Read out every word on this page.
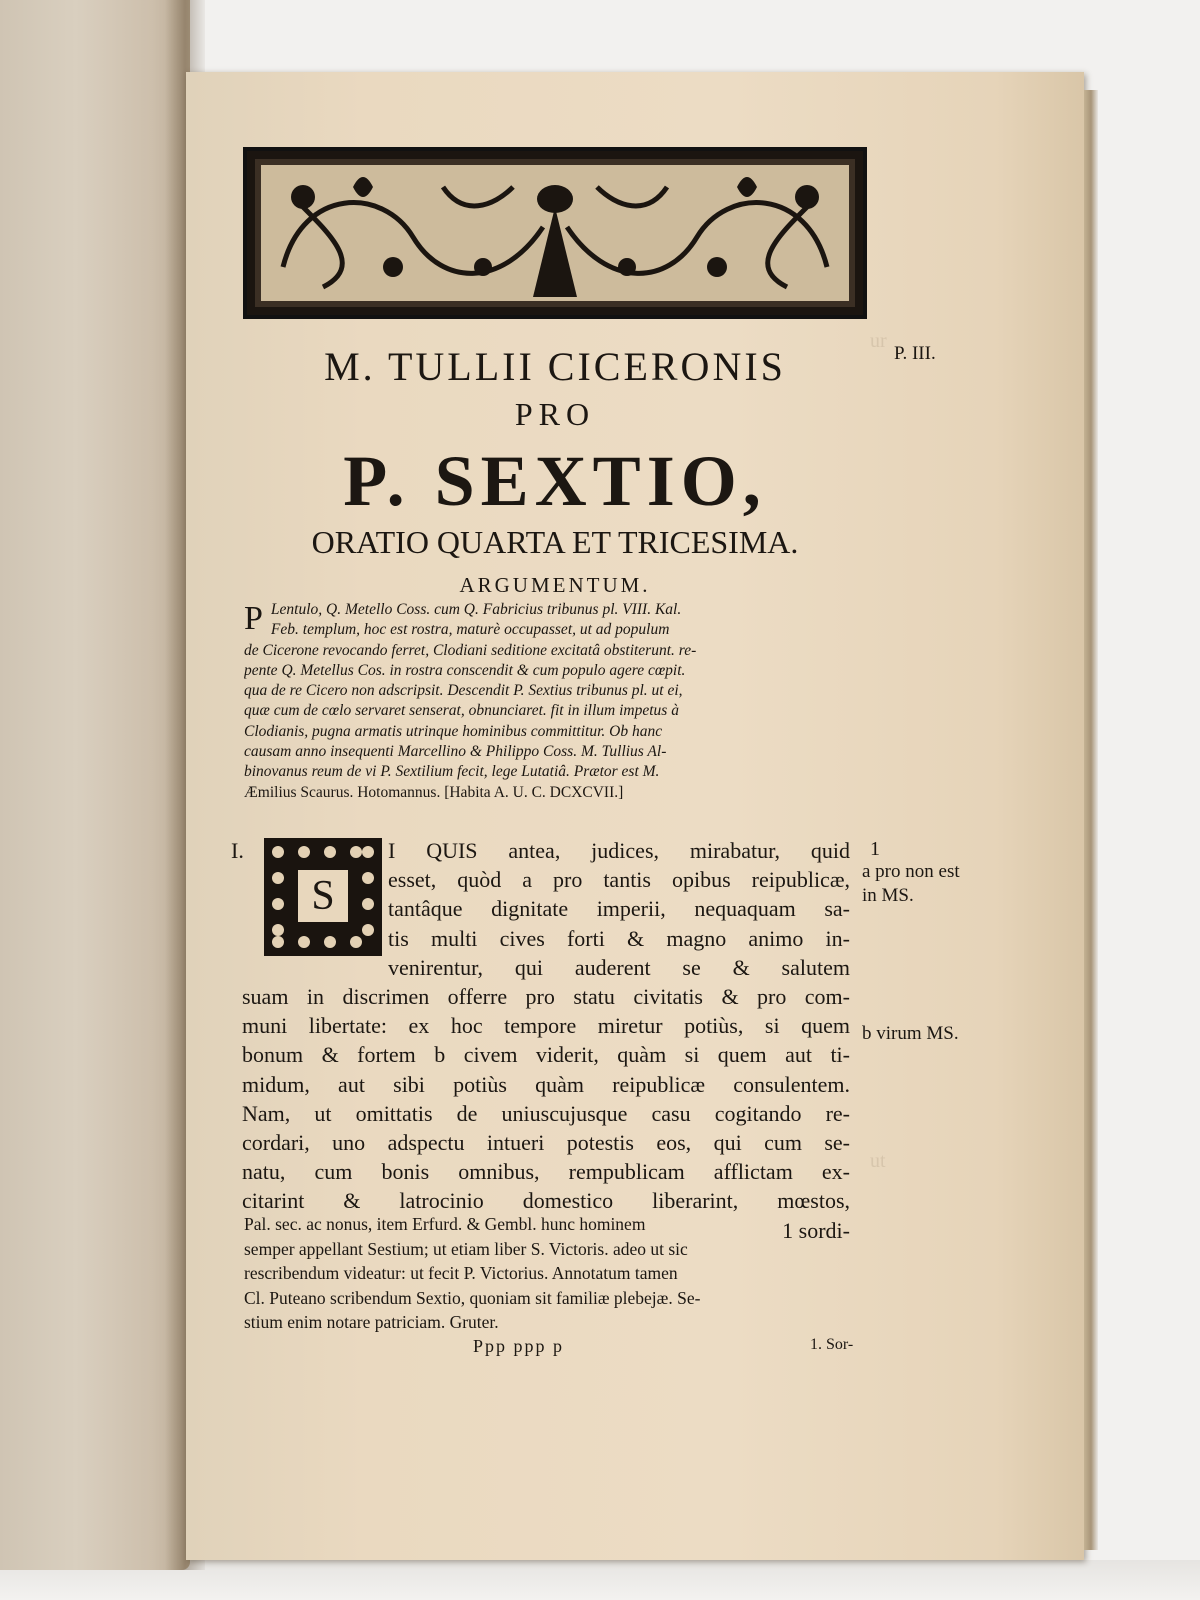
ur
ut
P. III.
M. TULLII CICERONIS
PRO
P. SEXTIO,
ORATIO QUARTA ET TRICESIMA.
ARGUMENTUM.
P Lentulo, Q. Metello Coss. cum Q. Fabricius tribunus pl. VIII. Kal.
Feb. templum, hoc est rostra, maturè occupasset, ut ad populum
de Cicerone revocando ferret, Clodiani seditione excitatâ obstiterunt. re-
pente Q. Metellus Cos. in rostra conscendit & cum populo agere cœpit.
qua de re Cicero non adscripsit. Descendit P. Sextius tribunus pl. ut ei,
quæ cum de cœlo servaret senserat, obnunciaret. fit in illum impetus à
Clodianis, pugna armatis utrinque hominibus committitur. Ob hanc
causam anno insequenti Marcellino & Philippo Coss. M. Tullius Al-
binovanus reum de vi P. Sextilium fecit, lege Lutatiâ. Prætor est M.
Æmilius Scaurus. Hotomannus. [Habita A. U. C. DCXCVII.]
I.
S
I QUIS antea, judices, mirabatur, quid
esset, quòd a pro tantis opibus reipublicæ,
tantâque dignitate imperii, nequaquam sa-
tis multi cives forti & magno animo in-
venirentur, qui auderent se & salutem
suam in discrimen offerre pro statu civitatis & pro com-
muni libertate: ex hoc tempore miretur potiùs, si quem
bonum & fortem b civem viderit, quàm si quem aut ti-
midum, aut sibi potiùs quàm reipublicæ consulentem.
Nam, ut omittatis de uniuscujusque casu cogitando re-
cordari, uno adspectu intueri potestis eos, qui cum se-
natu, cum bonis omnibus, rempublicam afflictam ex-
citarint & latrocinio domestico liberarint, mœstos,
1 sordi-
1
a pro non est in MS.
b virum MS.
Pal. sec. ac nonus, item Erfurd. & Gembl. hunc hominem
semper appellant Sestium; ut etiam liber S. Victoris. adeo ut sic
rescribendum videatur: ut fecit P. Victorius. Annotatum tamen
Cl. Puteano scribendum Sextio, quoniam sit familiæ plebejæ. Se-
stium enim notare patriciam. Gruter.
Ppp ppp p	1. Sor-
